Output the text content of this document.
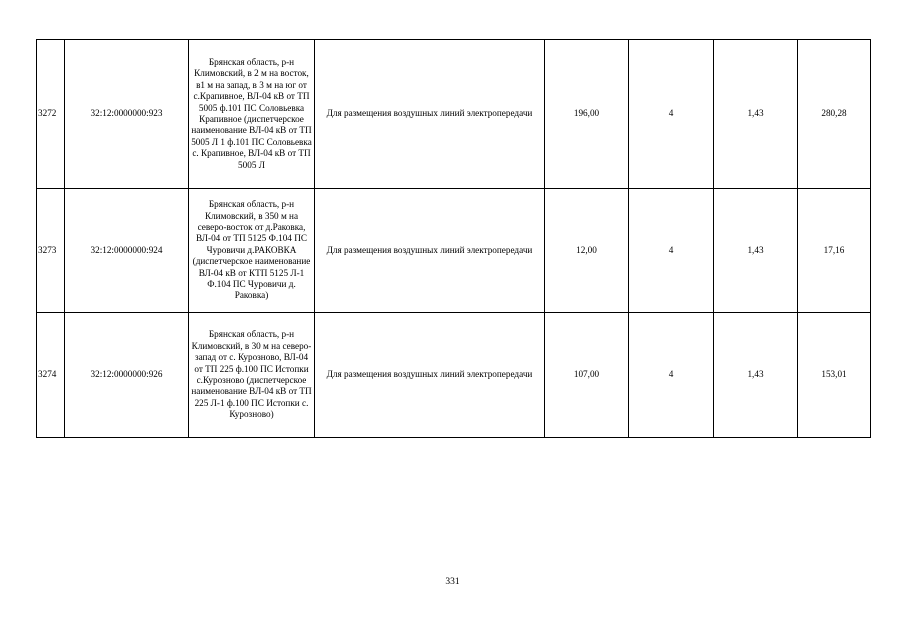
3272	32:12:0000000:923	Брянская область, р-н Климовский, в 2 м на восток, в1 м на запад, в 3 м на юг от с.Крапивное, ВЛ-04 кВ от ТП 5005 ф.101 ПС Соловьевка Крапивное (диспетчерское наименование ВЛ-04 кВ от ТП 5005 Л 1 ф.101 ПС Соловьевка с. Крапивное, ВЛ-04 кВ от ТП 5005 Л	Для размещения воздушных линий электропередачи	196,00	4	1,43	280,28
3273	32:12:0000000:924	Брянская область, р-н Климовский, в 350 м на северо-восток от д.Раковка, ВЛ-04 от ТП 5125 Ф.104 ПС Чуровичи д.РАКОВКА (диспетчерское наименование ВЛ-04 кВ от КТП 5125 Л-1 Ф.104 ПС Чуровичи д. Раковка)	Для размещения воздушных линий электропередачи	12,00	4	1,43	17,16
3274	32:12:0000000:926	Брянская область, р-н Климовский, в 30 м на северо-запад от с. Курозново, ВЛ-04 от ТП 225 ф.100 ПС Истопки с.Курозново (диспетчерское наименование ВЛ-04 кВ от ТП 225 Л-1 ф.100 ПС Истопки с. Курозново)	Для размещения воздушных линий электропередачи	107,00	4	1,43	153,01
331
